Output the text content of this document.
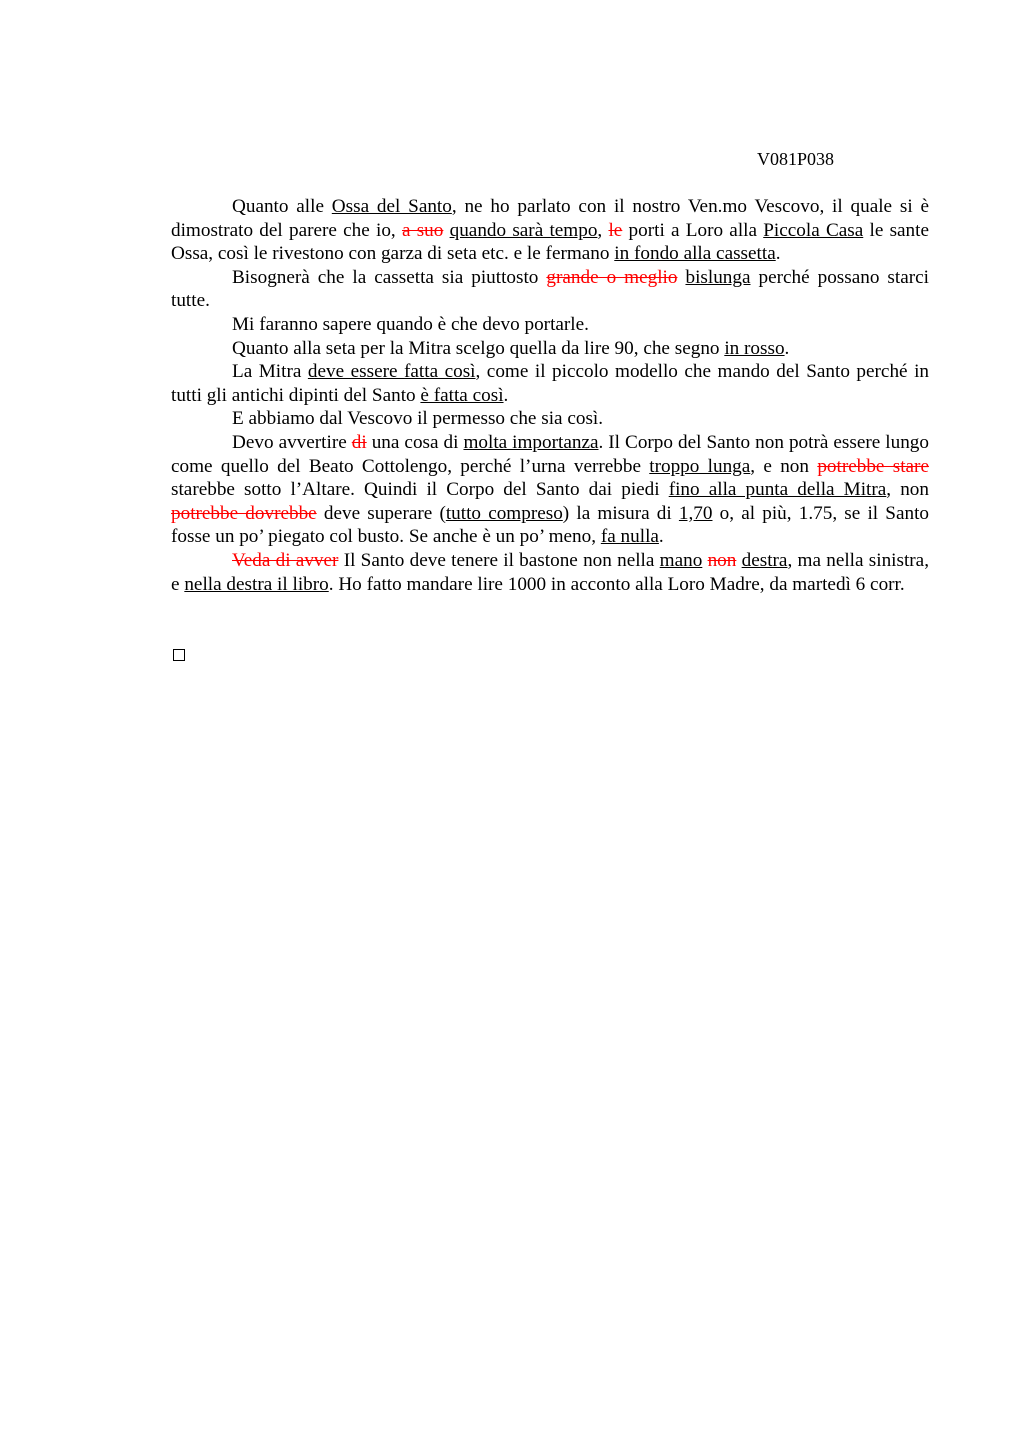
V081P038

Quanto alle Ossa del Santo, ne ho parlato con il nostro Ven.mo Vescovo, il quale si è dimostrato del parere che io, a suo quando sarà tempo, le porti a Loro alla Piccola Casa le sante Ossa, così le rivestono con garza di seta etc. e le fermano in fondo alla cassetta.

Bisognerà che la cassetta sia piuttosto grande o meglio bislunga perché possano starci tutte.

Mi faranno sapere quando è che devo portarle.

Quanto alla seta per la Mitra scelgo quella da lire 90, che segno in rosso.

La Mitra deve essere fatta così, come il piccolo modello che mando del Santo perché in tutti gli antichi dipinti del Santo è fatta così.

E abbiamo dal Vescovo il permesso che sia così.

Devo avvertire di una cosa di molta importanza. Il Corpo del Santo non potrà essere lungo come quello del Beato Cottolengo, perché l’urna verrebbe troppo lunga, e non potrebbe stare starebbe sotto l’Altare. Quindi il Corpo del Santo dai piedi fino alla punta della Mitra, non potrebbe dovrebbe deve superare (tutto compreso) la misura di 1,70 o, al più, 1.75, se il Santo fosse un po’ piegato col busto. Se anche è un po’ meno, fa nulla.

Veda di avver Il Santo deve tenere il bastone non nella mano non destra, ma nella sinistra, e nella destra il libro. Ho fatto mandare lire 1000 in acconto alla Loro Madre, da martedì 6 corr.
